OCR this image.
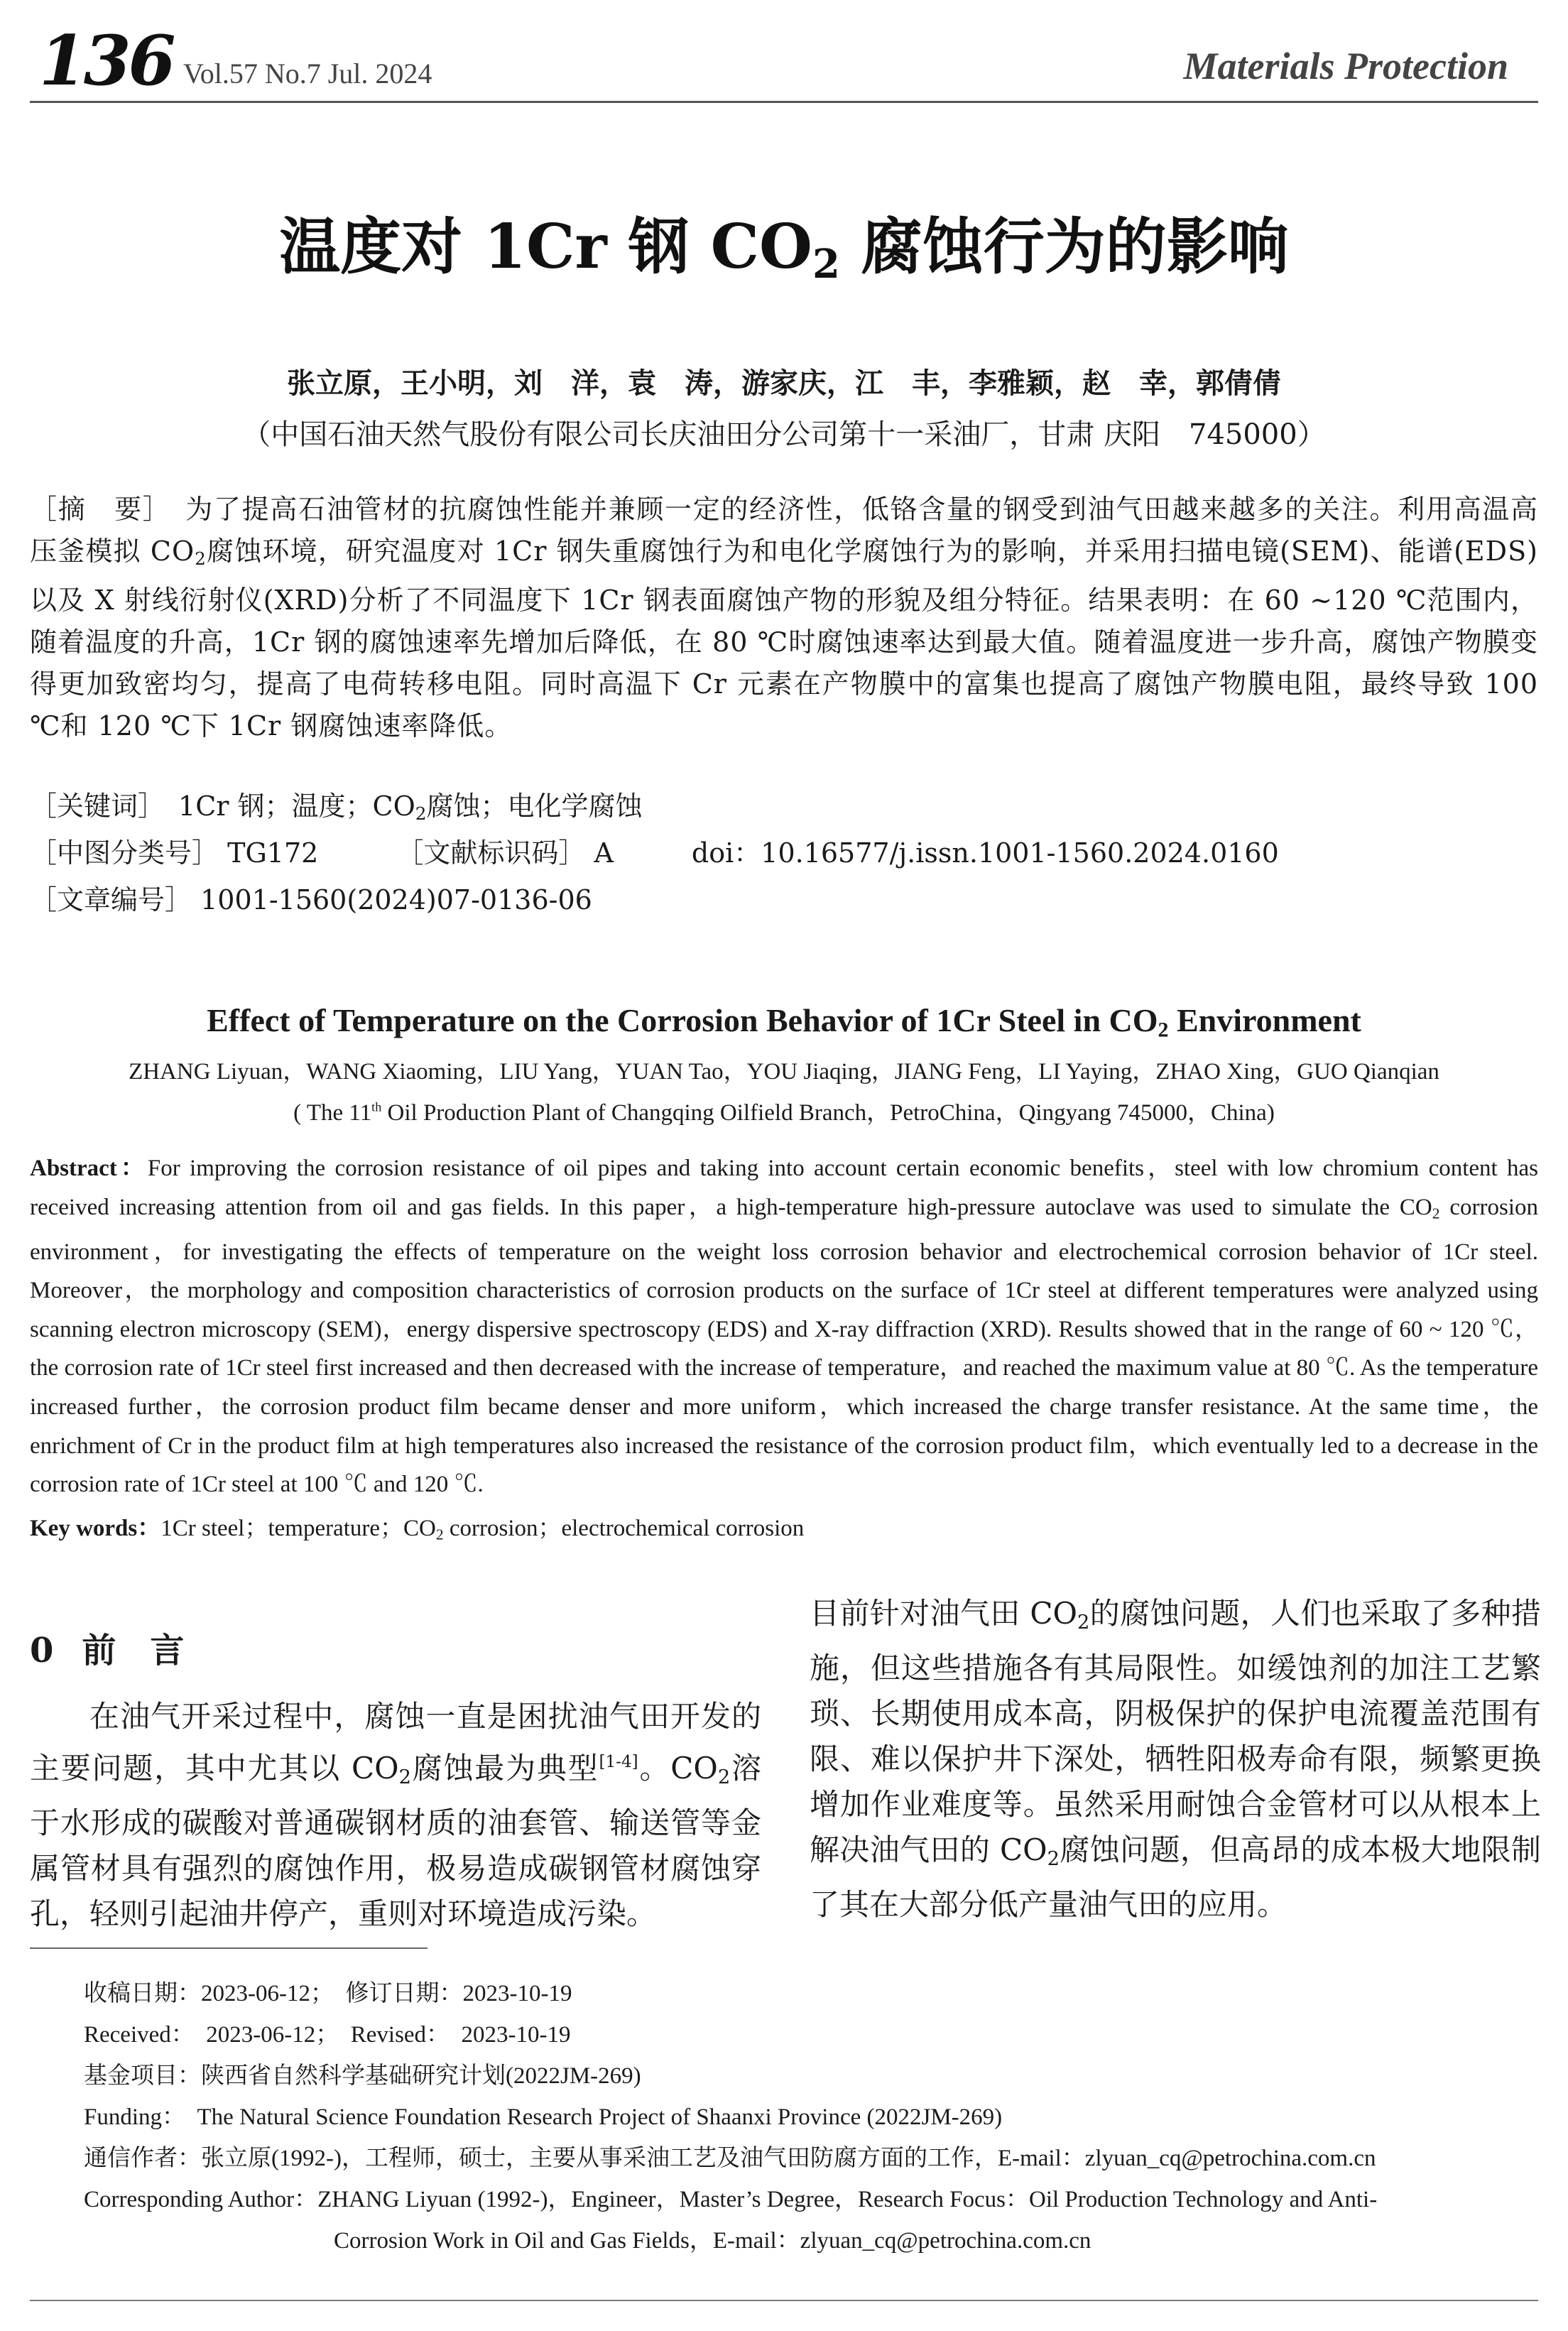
136 Vol.57 No.7 Jul. 2024	Materials Protection
温度对 1Cr 钢 $CO_2$ 腐蚀行为的影响
张立原，王小明，刘　洋，袁　涛，游家庆，江　丰，李雅颖，赵　幸，郭倩倩
（中国石油天然气股份有限公司长庆油田分公司第十一采油厂，甘肃 庆阳　745000）
［摘　要］　 为了提高石油管材的抗腐蚀性能并兼顾一定的经济性，低铬含量的钢受到油气田越来越多的关注。利用高温高压釜模拟 $CO_2$腐蚀环境，研究温度对 1Cr 钢失重腐蚀行为和电化学腐蚀行为的影响，并采用扫描电镜(SEM)、能谱(EDS)以及 X 射线衍射仪(XRD)分析了不同温度下 1Cr 钢表面腐蚀产物的形貌及组分特征。结果表明：在 60 ~120 ℃范围内，随着温度的升高，1Cr 钢的腐蚀速率先增加后降低，在 80 ℃时腐蚀速率达到最大值。随着温度进一步升高，腐蚀产物膜变得更加致密均匀，提高了电荷转移电阻。同时高温下 Cr 元素在产物膜中的富集也提高了腐蚀产物膜电阻，最终导致 100 ℃和 120 ℃下 1Cr 钢腐蚀速率降低。
［关键词］　 1Cr 钢；温度；$CO_2$腐蚀；电化学腐蚀
［中图分类号］ TG172	［文献标识码］ A	doi：10.16577/j.issn.1001-1560.2024.0160
［文章编号］ 1001-1560(2024)07-0136-06
Effect of Temperature on the Corrosion Behavior of 1Cr Steel in $CO_2$ Environment
ZHANG Liyuan，WANG Xiaoming，LIU Yang，YUAN Tao，YOU Jiaqing，JIANG Feng，LI Yaying，ZHAO Xing，GUO Qianqian
( The 11th Oil Production Plant of Changqing Oilfield Branch，PetroChina，Qingyang 745000，China)
Abstract：For improving the corrosion resistance of oil pipes and taking into account certain economic benefits，steel with low chromium content has received increasing attention from oil and gas fields. In this paper，a high-temperature high-pressure autoclave was used to simulate the $CO_2$ corrosion environment，for investigating the effects of temperature on the weight loss corrosion behavior and electrochemical corrosion behavior of 1Cr steel. Moreover，the morphology and composition characteristics of corrosion products on the surface of 1Cr steel at different temperatures were analyzed using scanning electron microscopy (SEM)，energy dispersive spectroscopy (EDS) and X-ray diffraction (XRD). Results showed that in the range of 60 ~ 120 ℃，the corrosion rate of 1Cr steel first increased and then decreased with the increase of temperature，and reached the maximum value at 80 ℃. As the temperature increased further，the corrosion product film became denser and more uniform，which increased the charge transfer resistance. At the same time，the enrichment of Cr in the product film at high temperatures also increased the resistance of the corrosion product film，which eventually led to a decrease in the corrosion rate of 1Cr steel at 100 ℃ and 120 ℃.
Key words：1Cr steel；temperature；$CO_2$ corrosion；electrochemical corrosion
0 前　言
在油气开采过程中，腐蚀一直是困扰油气田开发的主要问题，其中尤其以 $CO_2$腐蚀最为典型[1-4]。$CO_2$溶于水形成的碳酸对普通碳钢材质的油套管、输送管等金属管材具有强烈的腐蚀作用，极易造成碳钢管材腐蚀穿孔，轻则引起油井停产，重则对环境造成污染。
目前针对油气田 $CO_2$的腐蚀问题，人们也采取了多种措施，但这些措施各有其局限性。如缓蚀剂的加注工艺繁琐、长期使用成本高，阴极保护的保护电流覆盖范围有限、难以保护井下深处，牺牲阳极寿命有限，频繁更换增加作业难度等。虽然采用耐蚀合金管材可以从根本上解决油气田的 $CO_2$腐蚀问题，但高昂的成本极大地限制了其在大部分低产量油气田的应用。
收稿日期：2023-06-12；　修订日期：2023-10-19
Received：　2023-06-12；　Revised：　2023-10-19
基金项目：陕西省自然科学基础研究计划(2022JM-269)
Funding：　The Natural Science Foundation Research Project of Shaanxi Province (2022JM-269)
通信作者：张立原(1992-)，工程师，硕士，主要从事采油工艺及油气田防腐方面的工作，E-mail：zlyuan_cq@petrochina.com.cn
Corresponding Author：ZHANG Liyuan (1992-)，Engineer，Master’s Degree，Research Focus：Oil Production Technology and Anti-
Corrosion Work in Oil and Gas Fields，E-mail：zlyuan_cq@petrochina.com.cn
